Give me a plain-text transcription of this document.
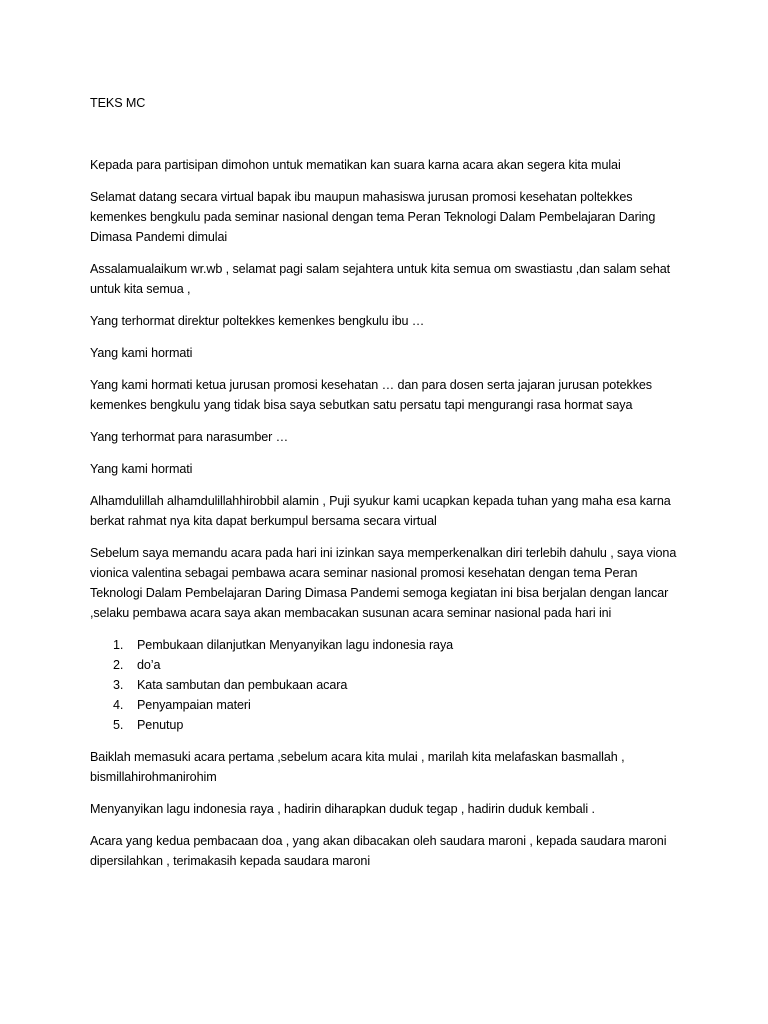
TEKS MC

Kepada para partisipan dimohon untuk mematikan kan suara karna acara akan segera kita mulai

Selamat datang secara virtual bapak ibu maupun mahasiswa jurusan promosi kesehatan poltekkes kemenkes bengkulu pada seminar nasional dengan tema Peran Teknologi Dalam Pembelajaran Daring Dimasa Pandemi dimulai

Assalamualaikum wr.wb , selamat pagi salam sejahtera untuk kita semua om swastiastu ,dan salam sehat untuk kita semua ,

Yang terhormat direktur poltekkes kemenkes bengkulu ibu …

Yang kami hormati

Yang kami hormati ketua jurusan promosi kesehatan … dan para dosen serta jajaran jurusan potekkes kemenkes bengkulu yang tidak bisa saya sebutkan satu persatu tapi mengurangi rasa hormat saya

Yang terhormat para narasumber …

Yang kami hormati

Alhamdulillah alhamdulillahhirobbil alamin , Puji syukur kami ucapkan kepada tuhan yang maha esa karna berkat rahmat nya kita dapat berkumpul bersama secara virtual

Sebelum saya memandu acara pada hari ini izinkan saya memperkenalkan diri terlebih dahulu , saya viona vionica valentina sebagai pembawa acara seminar nasional promosi kesehatan dengan tema Peran Teknologi Dalam Pembelajaran Daring Dimasa Pandemi semoga kegiatan ini bisa berjalan dengan lancar ,selaku pembawa acara saya akan membacakan susunan acara seminar nasional pada hari ini

1.	Pembukaan dilanjutkan Menyanyikan lagu indonesia raya
2.	do’a
3.	Kata sambutan dan pembukaan acara
4.	Penyampaian materi
5.	Penutup

Baiklah memasuki acara pertama ,sebelum acara kita mulai , marilah kita melafaskan basmallah , bismillahirohmanirohim

Menyanyikan lagu indonesia raya , hadirin diharapkan duduk tegap , hadirin duduk kembali .

Acara yang kedua pembacaan doa , yang akan dibacakan oleh saudara maroni , kepada saudara maroni dipersilahkan , terimakasih kepada saudara maroni
